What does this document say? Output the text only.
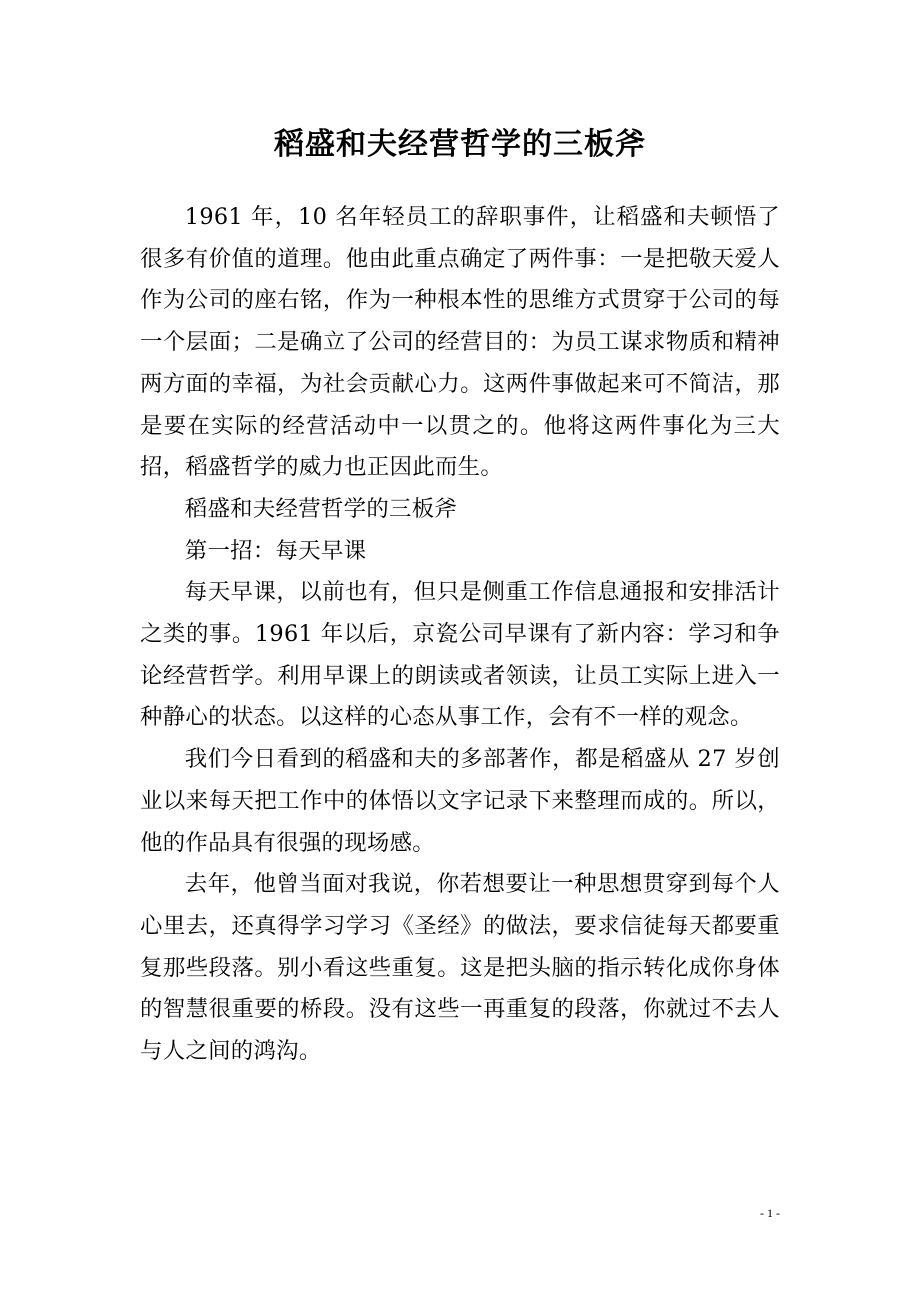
稻盛和夫经营哲学的三板斧

1961 年，10 名年轻员工的辞职事件，让稻盛和夫顿悟了很多有价值的道理。他由此重点确定了两件事：一是把敬天爱人作为公司的座右铭，作为一种根本性的思维方式贯穿于公司的每一个层面；二是确立了公司的经营目的：为员工谋求物质和精神两方面的幸福，为社会贡献心力。这两件事做起来可不简洁，那是要在实际的经营活动中一以贯之的。他将这两件事化为三大招，稻盛哲学的威力也正因此而生。

稻盛和夫经营哲学的三板斧

第一招：每天早课

每天早课，以前也有，但只是侧重工作信息通报和安排活计之类的事。1961 年以后，京瓷公司早课有了新内容：学习和争论经营哲学。利用早课上的朗读或者领读，让员工实际上进入一种静心的状态。以这样的心态从事工作，会有不一样的观念。

我们今日看到的稻盛和夫的多部著作，都是稻盛从 27 岁创业以来每天把工作中的体悟以文字记录下来整理而成的。所以，他的作品具有很强的现场感。

去年，他曾当面对我说，你若想要让一种思想贯穿到每个人心里去，还真得学习学习《圣经》的做法，要求信徒每天都要重复那些段落。别小看这些重复。这是把头脑的指示转化成你身体的智慧很重要的桥段。没有这些一再重复的段落，你就过不去人与人之间的鸿沟。

- 1 -
